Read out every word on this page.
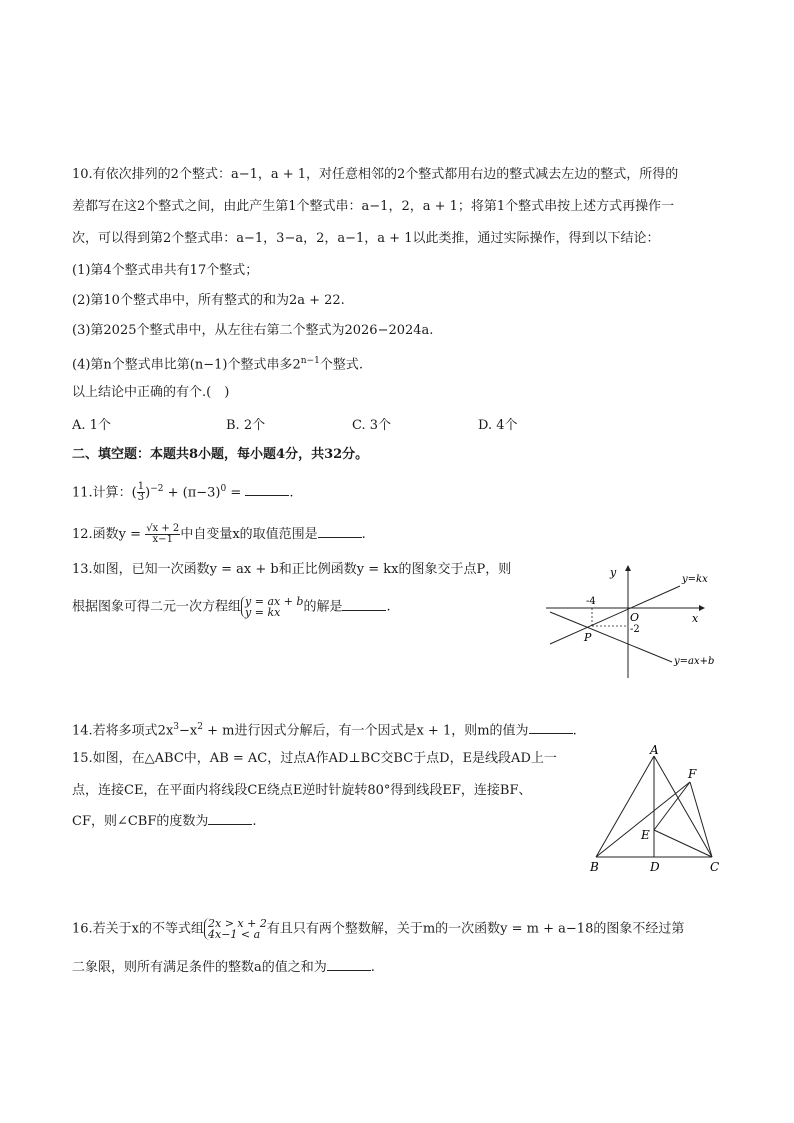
10.有依次排列的2个整式：a−1，a + 1，对任意相邻的2个整式都用右边的整式减去左边的整式，所得的
差都写在这2个整式之间，由此产生第1个整式串：a−1，2，a + 1；将第1个整式串按上述方式再操作一
次，可以得到第2个整式串：a−1，3−a，2，a−1，a + 1以此类推，通过实际操作，得到以下结论：
(1)第4个整式串共有17个整式；
(2)第10个整式串中，所有整式的和为2a + 22.
(3)第2025个整式串中，从左往右第二个整式为2026−2024a.
(4)第n个整式串比第(n−1)个整式串多$2^{n-1}$个整式.
以上结论中正确的有个.(　)
A. 1个	B. 2个	C. 3个	D. 4个
二、填空题：本题共8小题，每小题4分，共32分。
11.计算：( $\frac{1}{3} )^{-2} + (\pi-3)^0$ =	.
12.函数$y = \frac{√x + 2}{x-1}$ 中自变量x的取值范围是	.
13.如图，已知一次函数y = ax + b和正比例函数y = kx的图象交于点P，则
根据图象可得二元一次方程组 y = ax + b
y = kx	的解是	.
y
x
O
y=kx
y=ax+b
P
-4
-2
14.若将多项式$2x^3-x^2 + m$进行因式分解后，有一个因式是x + 1，则m的值为	.
15.如图，在△ABC中，AB = AC，过点A作AD⊥BC交BC于点D，E是线段AD上一
点，连接CE，在平面内将线段CE绕点E逆时针旋转80°得到线段EF，连接BF、
CF，则∠CBF的度数为	.
A
F
E
B	D	C
16.若关于x的不等式组 2x > x + 2
4x−1 < a 有且只有两个整数解，关于m的一次函数y = m + a−18的图象不经过第
二象限，则所有满足条件的整数a的值之和为	.
